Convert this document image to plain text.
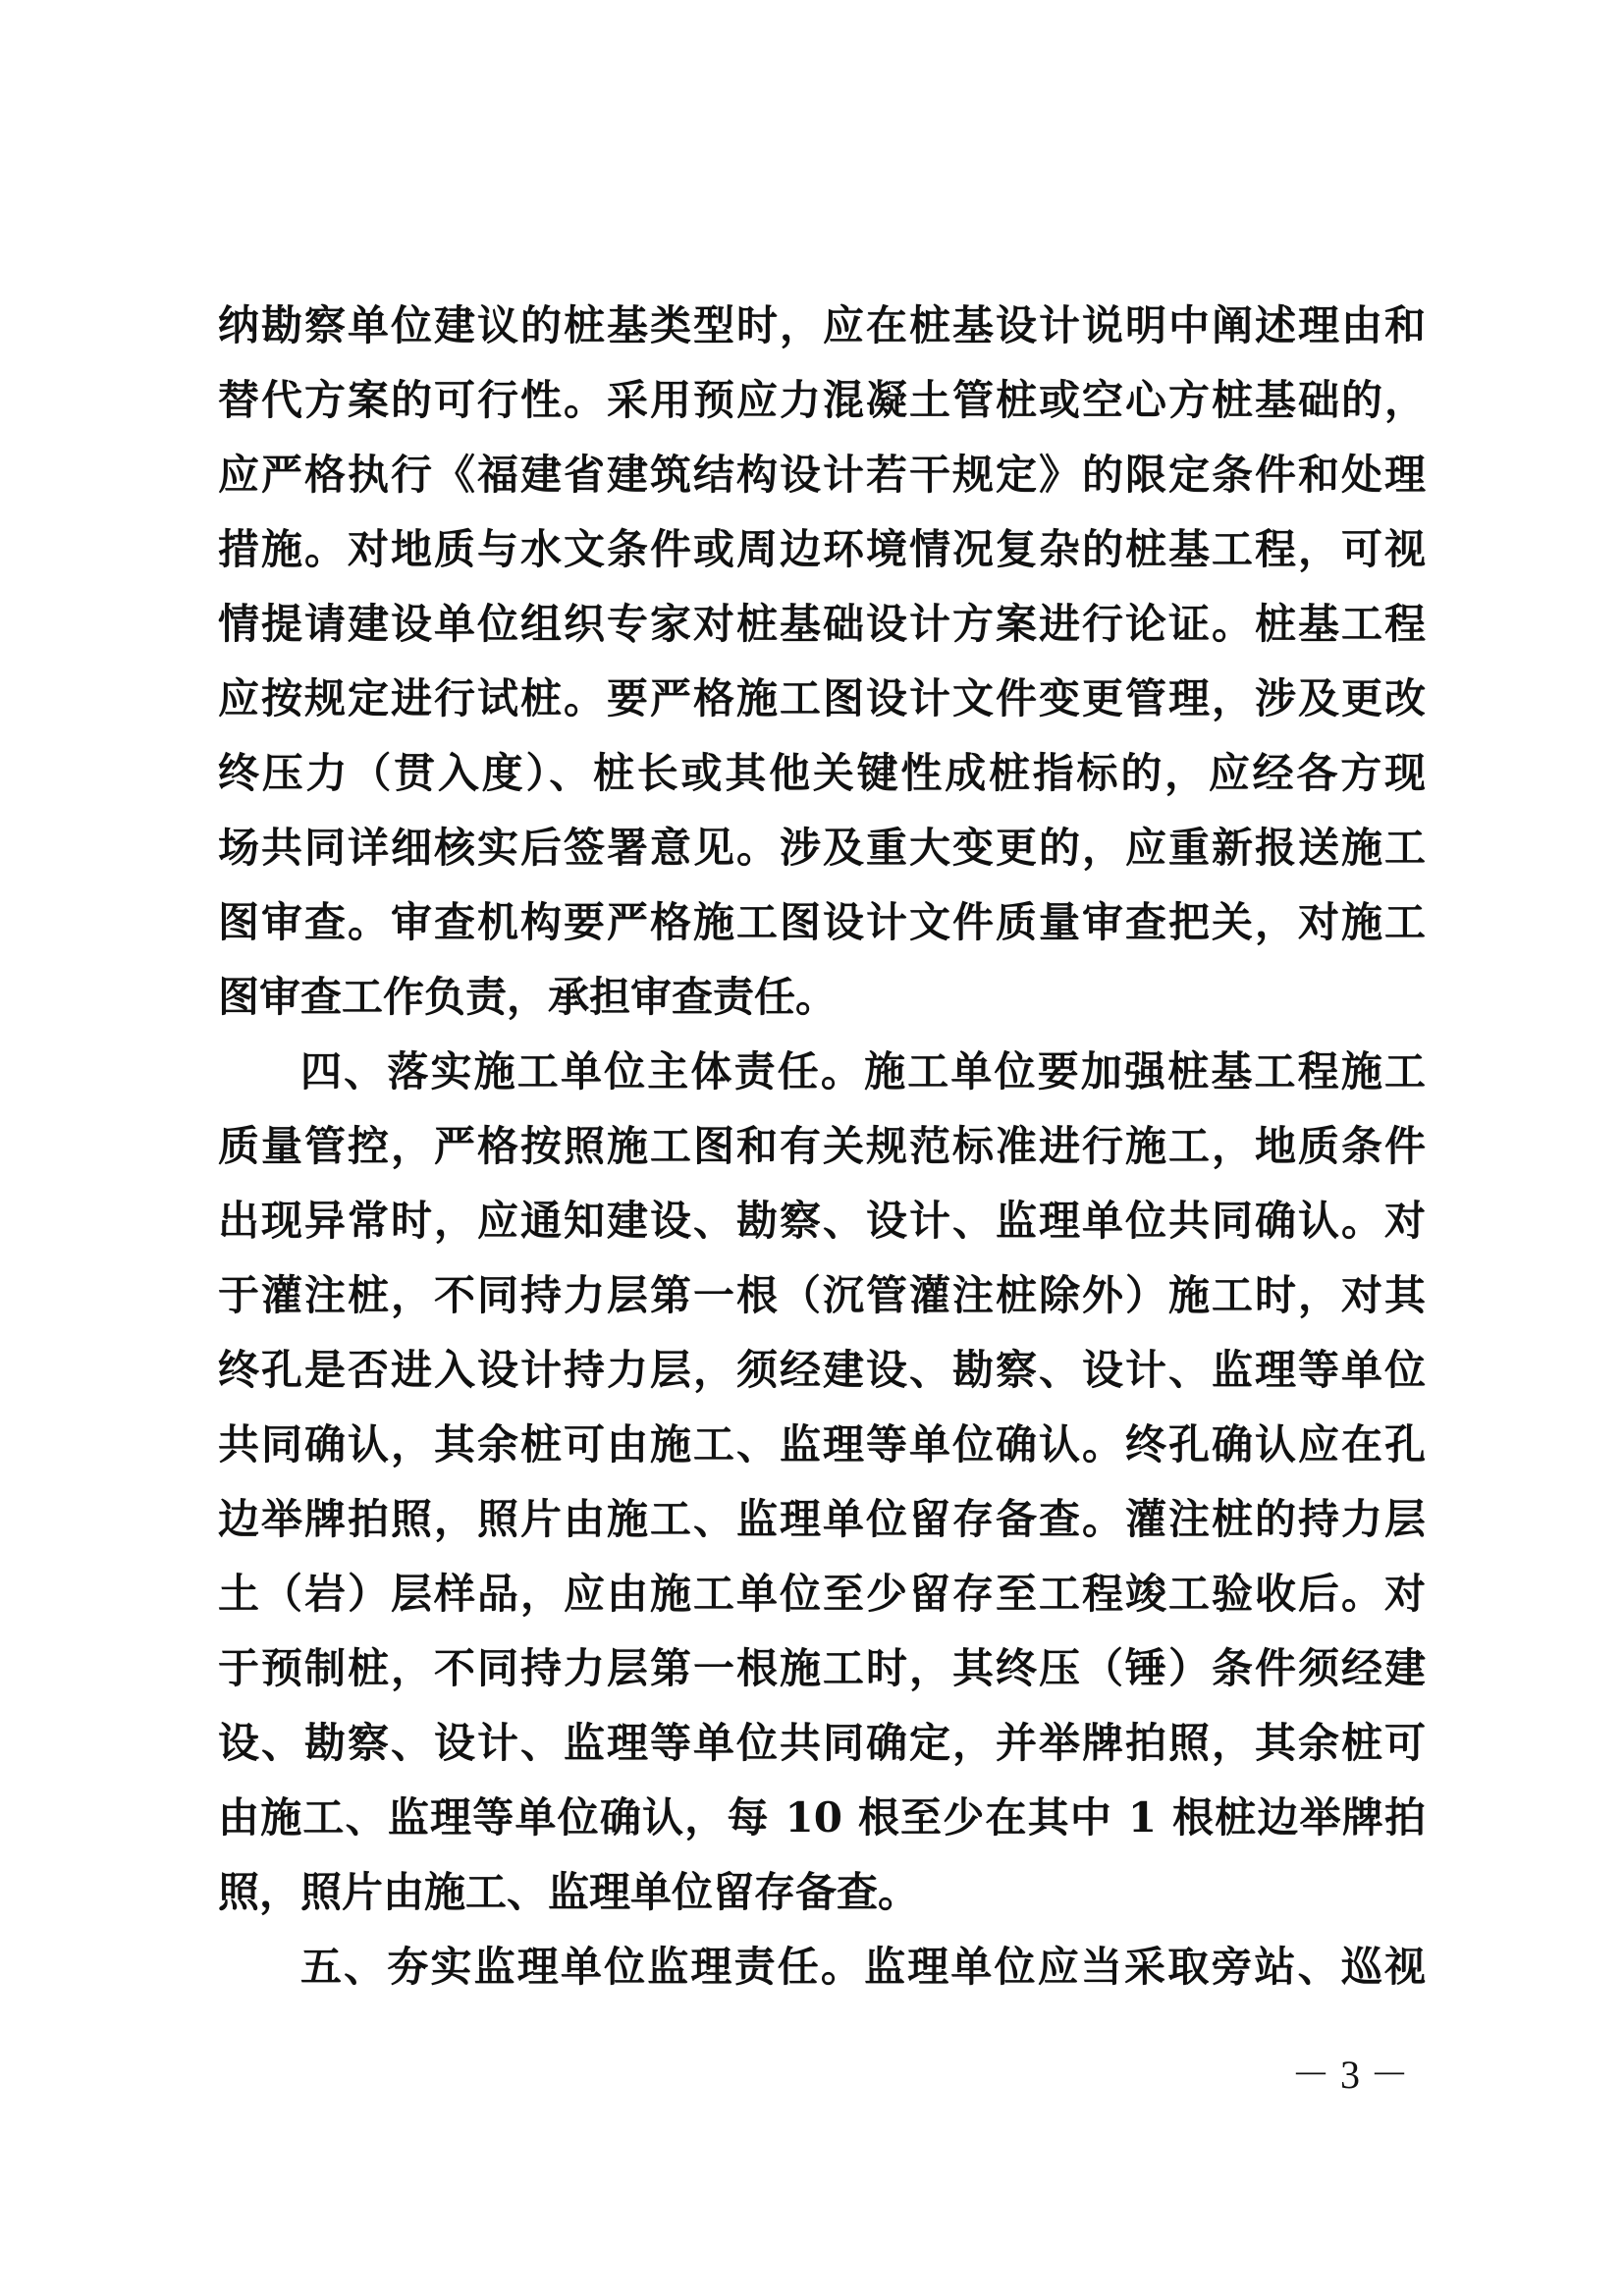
纳勘察单位建议的桩基类型时，应在桩基设计说明中阐述理由和
替代方案的可行性。采用预应力混凝土管桩或空心方桩基础的，
应严格执行《福建省建筑结构设计若干规定》的限定条件和处理
措施。对地质与水文条件或周边环境情况复杂的桩基工程，可视
情提请建设单位组织专家对桩基础设计方案进行论证。桩基工程
应按规定进行试桩。要严格施工图设计文件变更管理，涉及更改
终压力（贯入度）、桩长或其他关键性成桩指标的，应经各方现
场共同详细核实后签署意见。涉及重大变更的，应重新报送施工
图审查。审查机构要严格施工图设计文件质量审查把关，对施工
图审查工作负责，承担审查责任。
四、落实施工单位主体责任。施工单位要加强桩基工程施工
质量管控，严格按照施工图和有关规范标准进行施工，地质条件
出现异常时，应通知建设、勘察、设计、监理单位共同确认。对
于灌注桩，不同持力层第一根（沉管灌注桩除外）施工时，对其
终孔是否进入设计持力层，须经建设、勘察、设计、监理等单位
共同确认，其余桩可由施工、监理等单位确认。终孔确认应在孔
边举牌拍照，照片由施工、监理单位留存备查。灌注桩的持力层
土（岩）层样品，应由施工单位至少留存至工程竣工验收后。对
于预制桩，不同持力层第一根施工时，其终压（锤）条件须经建
设、勘察、设计、监理等单位共同确定，并举牌拍照，其余桩可
由施工、监理等单位确认，每 10 根至少在其中 1 根桩边举牌拍
照，照片由施工、监理单位留存备查。
五、夯实监理单位监理责任。监理单位应当采取旁站、巡视
－ 3 －
